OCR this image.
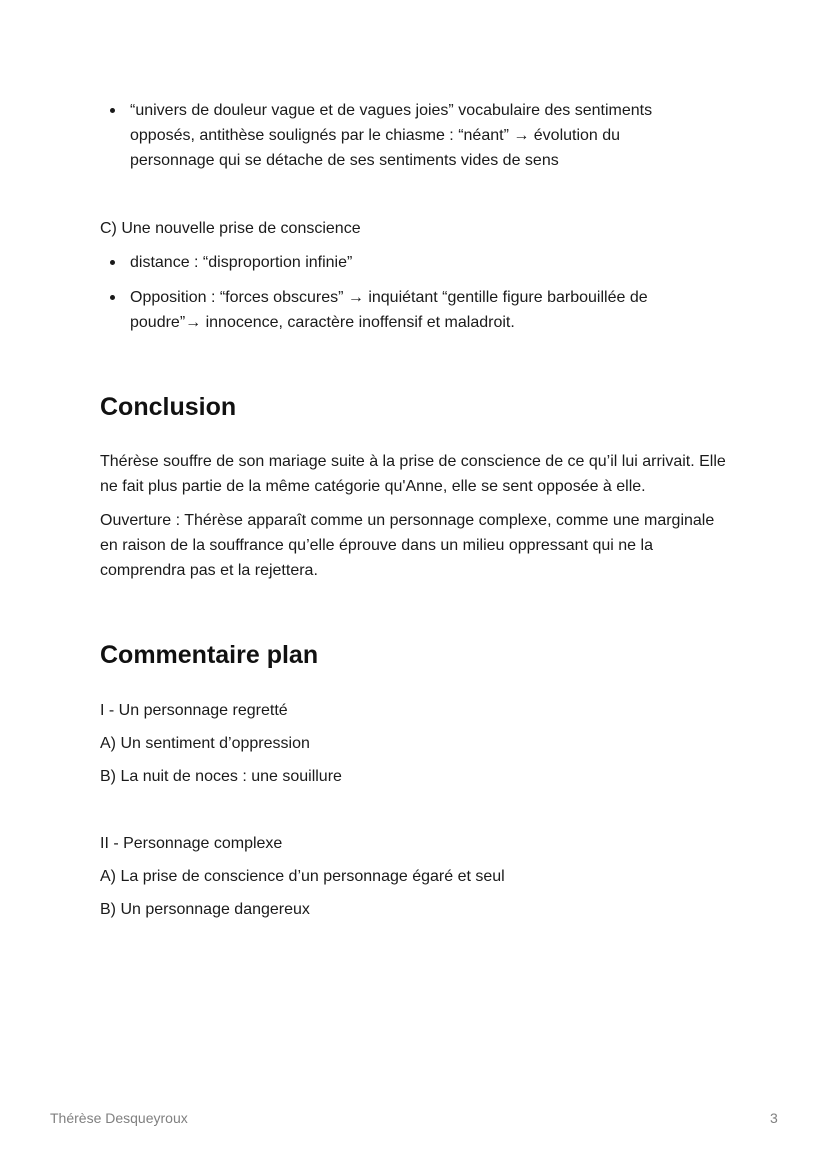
“univers de douleur vague et de vagues joies” vocabulaire des sentiments opposés, antithèse soulignés par le chiasme : “néant” → évolution du personnage qui se détache de ses sentiments vides de sens

C) Une nouvelle prise de conscience

distance : “disproportion infinie”
Opposition : “forces obscures” → inquiétant “gentille figure barbouillée de poudre”→ innocence, caractère inoffensif et maladroit.
Conclusion

Thérèse souffre de son mariage suite à la prise de conscience de ce qu’il lui arrivait. Elle ne fait plus partie de la même catégorie qu'Anne, elle se sent opposée à elle.

Ouverture : Thérèse apparaît comme un personnage complexe, comme une marginale en raison de la souffrance qu’elle éprouve dans un milieu oppressant qui ne la comprendra pas et la rejettera.

Commentaire plan

I - Un personnage regretté

A) Un sentiment d’oppression

B) La nuit de noces : une souillure

II - Personnage complexe

A) La prise de conscience d’un personnage égaré et seul

B) Un personnage dangereux

Thérèse Desqueyroux	3
